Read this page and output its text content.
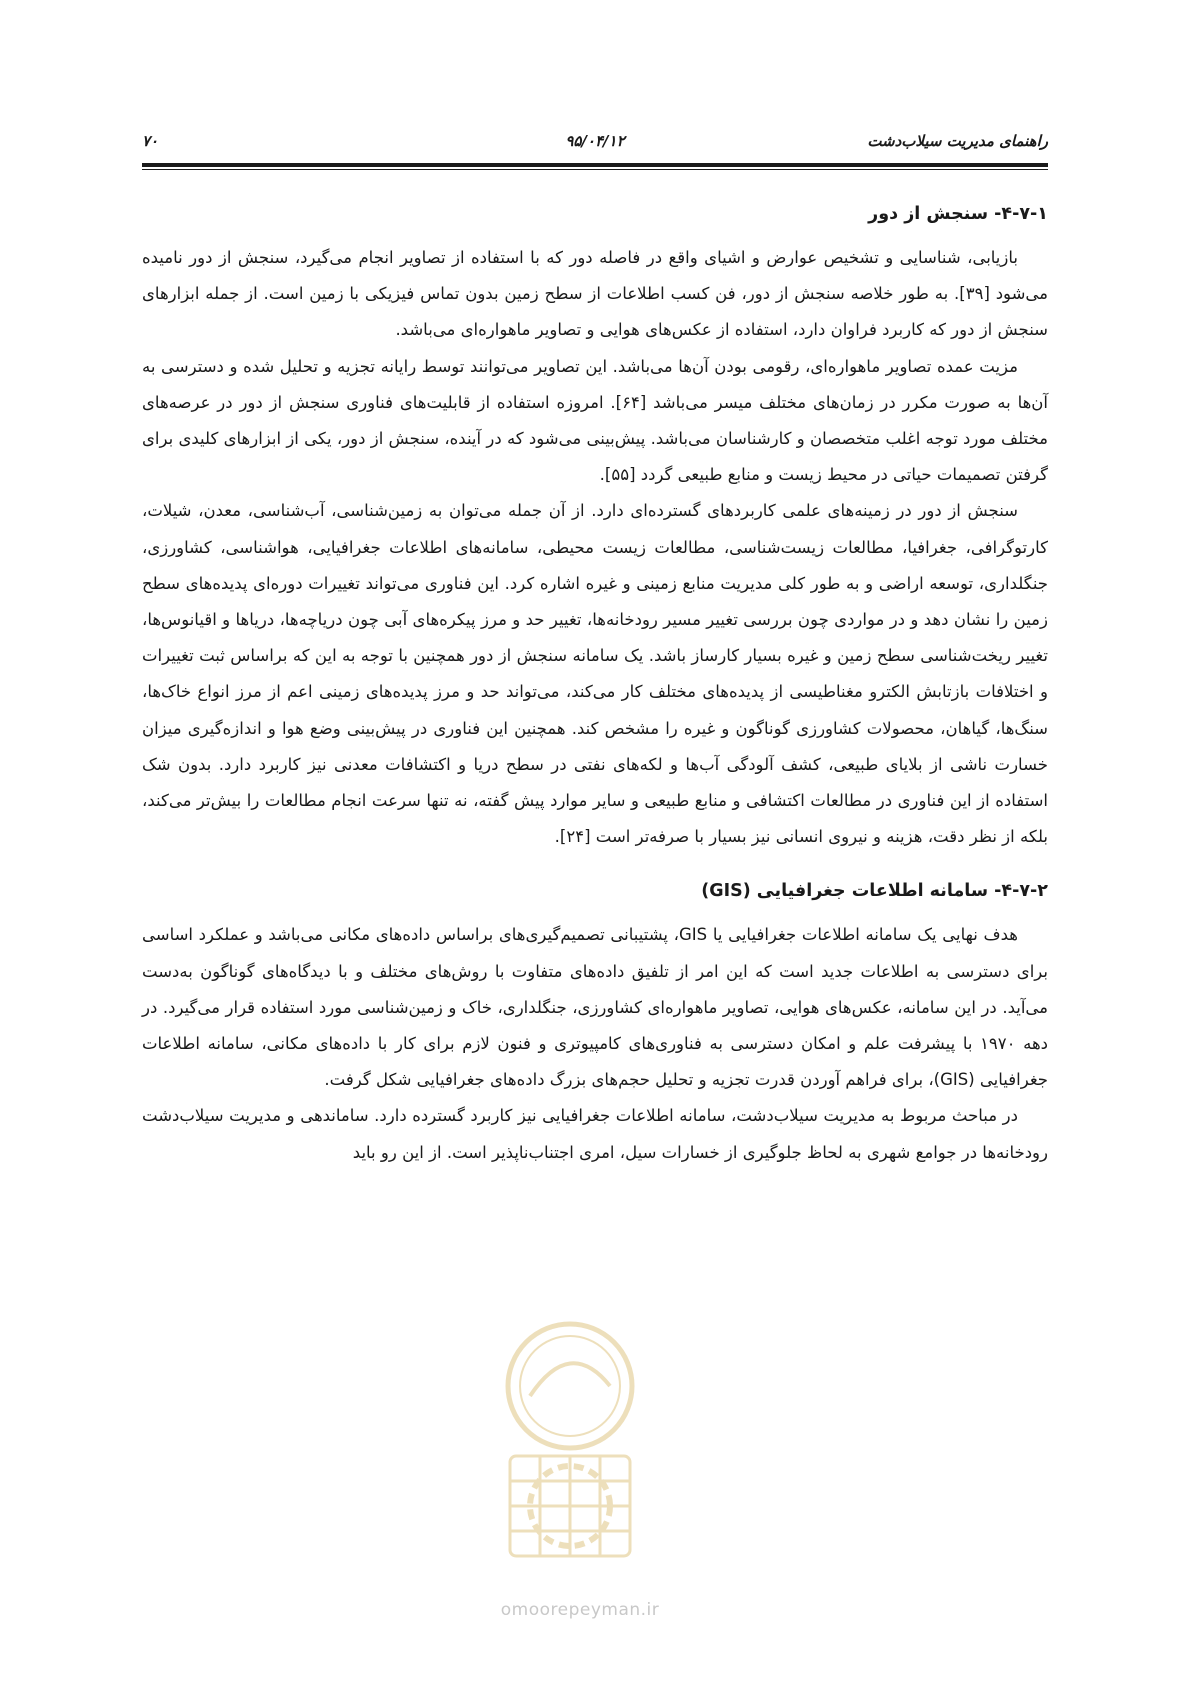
راهنمای مدیریت سیلاب‌دشت
۹۵/۰۴/۱۲
۷۰
۴-۷-۱- سنجش از دور

بازیابی، شناسایی و تشخیص عوارض و اشیای واقع در فاصله دور که با استفاده از تصاویر انجام می‌گیرد، سنجش از دور نامیده می‌شود [۳۹]. به طور خلاصه سنجش از دور، فن کسب اطلاعات از سطح زمین بدون تماس فیزیکی با زمین است. از جمله ابزارهای سنجش از دور که کاربرد فراوان دارد، استفاده از عکس‌های هوایی و تصاویر ماهواره‌ای می‌باشد.

مزیت عمده تصاویر ماهواره‌ای، رقومی بودن آن‌ها می‌باشد. این تصاویر می‌توانند توسط رایانه تجزیه و تحلیل شده و دسترسی به آن‌ها به صورت مکرر در زمان‌های مختلف میسر می‌باشد [۶۴]. امروزه استفاده از قابلیت‌های فناوری سنجش از دور در عرصه‌های مختلف مورد توجه اغلب متخصصان و کارشناسان می‌باشد. پیش‌بینی می‌شود که در آینده، سنجش از دور، یکی از ابزارهای کلیدی برای گرفتن تصمیمات حیاتی در محیط زیست و منابع طبیعی گردد [۵۵].

سنجش از دور در زمینه‌های علمی کاربردهای گسترده‌ای دارد. از آن جمله می‌توان به زمین‌شناسی، آب‌شناسی، معدن، شیلات، کارتوگرافی، جغرافیا، مطالعات زیست‌شناسی، مطالعات زیست محیطی، سامانه‌های اطلاعات جغرافیایی، هواشناسی، کشاورزی، جنگلداری، توسعه اراضی و به طور کلی مدیریت منابع زمینی و غیره اشاره کرد. این فناوری می‌تواند تغییرات دوره‌ای پدیده‌های سطح زمین را نشان دهد و در مواردی چون بررسی تغییر مسیر رودخانه‌ها، تغییر حد و مرز پیکره‌های آبی چون دریاچه‌ها، دریاها و اقیانوس‌ها، تغییر ریخت‌شناسی سطح زمین و غیره بسیار کارساز باشد. یک سامانه سنجش از دور همچنین با توجه به این که براساس ثبت تغییرات و اختلافات بازتابش الکترو مغناطیسی از پدیده‌های مختلف کار می‌کند، می‌تواند حد و مرز پدیده‌های زمینی اعم از مرز انواع خاک‌ها، سنگ‌ها، گیاهان، محصولات کشاورزی گوناگون و غیره را مشخص کند. همچنین این فناوری در پیش‌بینی وضع هوا و اندازه‌گیری میزان خسارت ناشی از بلایای طبیعی، کشف آلودگی آب‌ها و لکه‌های نفتی در سطح دریا و اکتشافات معدنی نیز کاربرد دارد. بدون شک استفاده از این فناوری در مطالعات اکتشافی و منابع طبیعی و سایر موارد پیش گفته، نه تنها سرعت انجام مطالعات را بیش‌تر می‌کند، بلکه از نظر دقت، هزینه و نیروی انسانی نیز بسیار با صرفه‌تر است [۲۴].

۴-۷-۲- سامانه اطلاعات جغرافیایی (GIS)

هدف نهایی یک سامانه اطلاعات جغرافیایی یا GIS، پشتیبانی تصمیم‌گیری‌های براساس داده‌های مکانی می‌باشد و عملکرد اساسی برای دسترسی به اطلاعات جدید است که این امر از تلفیق داده‌های متفاوت با روش‌های مختلف و با دیدگاه‌های گوناگون به‌دست می‌آید. در این سامانه، عکس‌های هوایی، تصاویر ماهواره‌ای کشاورزی، جنگلداری، خاک و زمین‌شناسی مورد استفاده قرار می‌گیرد. در دهه ۱۹۷۰ با پیشرفت علم و امکان دسترسی به فناوری‌های کامپیوتری و فنون لازم برای کار با داده‌های مکانی، سامانه اطلاعات جغرافیایی (GIS)، برای فراهم آوردن قدرت تجزیه و تحلیل حجم‌های بزرگ داده‌های جغرافیایی شکل گرفت.

در مباحث مربوط به مدیریت سیلاب‌دشت، سامانه اطلاعات جغرافیایی نیز کاربرد گسترده دارد. ساماندهی و مدیریت سیلاب‌دشت رودخانه‌ها در جوامع شهری به لحاظ جلوگیری از خسارات سیل، امری اجتناب‌ناپذیر است. از این رو باید

omoorepeyman.ir
